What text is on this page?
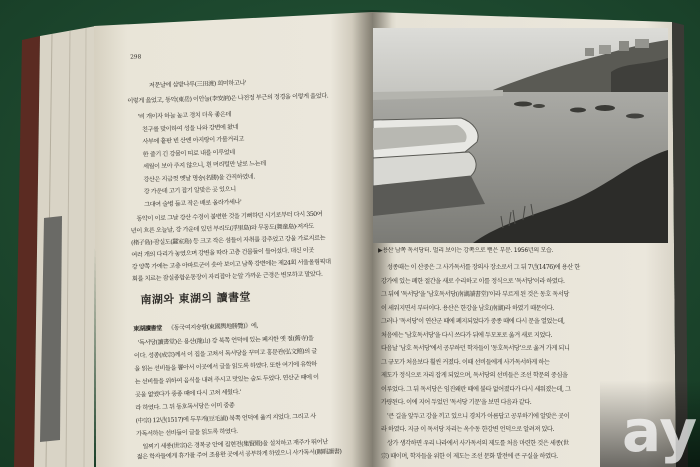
298
저문날에 삼밭나루(三田渡) 희미하고나'
이렇게 읊었고, 동악(東岳) 이안눌(李安訥)은 나전정 부근의 정경을 이렇게 읊었다.
'비 개이자 하늘 높고 경치 더욱 좋은데
친구를 맞이하여 성을 나와 강변에 왔네
사부에 흩판 빈 산엔 아지랑이 가물거리고
한 줄기 긴 강물이 띠로 내를 이루었네
세월이 보아 주지 않으니, 흰 머리털만 날로 느는데
강산은 지금껏 옛날 명승(名勝)을 간직하였네.
강 가운데 고기 잡기 알맞은 곳 있으니
그대여 술병 들고 작은 배로 올라가세나'
동악이 이로 그날 강산 수경이 불변한 것을 기뻐하던 시기로부터 다시 350여
년이 흐른 오늘날, 강 가운데 있던 부리도(浮里島)와 무동도(舞童島)·저자도
(楮子島)·잠실도(蠶室島) 등 크고 작은 섬들이 자취를 감추었고 강을 가로지르는
여러 개의 다리가 놓였으며 강변을 따라 고층 건물들이 들어섰다. 대신 이곳
강 양쪽 가에는 고층 아파트군이 솟아 보이고 남쪽 강변에는 제24회 서울올림픽대
회를 치르는 잠실종합운동장이 자리잡아 눈앞 가까운 근경은 변모하고 말았다.
南湖와 東湖의 讀書堂
東湖讀書堂 《동국여지승람(東國輿地勝覽)》에,
'독서당(讀書堂)은 용산(龍山) 강 북쪽 언덕에 있는 폐지한 옛 절(舊寺)을
이다. 성종(成宗)께서 이 집을 고쳐서 독서당을 꾸미고 홍문관(弘文館)의 글
을 읽는 선비들을 뽑아서 이곳에서 글을 읽도록 하였다. 또한 여기에 유학하
는 선비들을 위하여 음식을 내려 주시고 맛있는 술도 두었다. 연산군 때에 이
곳을 없앴다가 중종 때에 다시 고쳐 세웠다.'
라 하였다. 그 뒤 동호독서당은 이미 중종
(中宗) 12년(1517)에 두무개(豆毛浦) 북쪽 언덕에 옮겨 지었다. 그리고 사
가독서하는 선비들이 글을 읽도록 하였다.
일찌기 세종(世宗)은 경복궁 안에 집현전(集賢殿)을 설치하고 재주가 뛰어난
젊은 학자들에게 휴가를 주어 조용한 곳에서 공부하게 하였으니 사가독서(賜暇讀書)
▶용산 남쪽 독서당터. 멀리 보이는 강쪽으로 뻗은 부분. 1956년의 모습.
성종때는 이 산중은 그 사가독서를 장의사 장소로서 그 뒤 7년(1476)에 용산 한
강가에 있는 폐한 절간을 새로 수리하고 이를 정식으로 '독서당'이라 하였다.
그 뒤에 '독서당'을 '남호독서당(南湖讀書堂)'이라 부르게 된 것은 동호 독서당
이 세워지면서 부터이다. 용산은 한강을 남호(南湖)라 하였기 때문이다.
그러나 '독서당'이 연산군 때에 폐지되었다가 중종 때에 다시 문을 열었는데,
처음에는 '남호독서당'을 다시 쓰다가 뒤에 두모포로 옮겨 새로 지었다.
다음날 '남호 독서당'에서 공부하던 학자들이 '동호독서당'으로 옮겨 가게 되니
그 규모가 처음보다 훨씬 커졌다. 이때 선비들에게 사가독서하게 하는
제도가 정식으로 자리 잡게 되었으며, 독서당의 선비들은 조선 학문의 중심을
이루었다. 그 뒤 독서당은 임진왜란 때에 불타 없어졌다가 다시 세워졌는데, 그
가량된다. 이에 지어 두었던 '독서당 기문'을 보면 다음과 같다.
'큰 길을 앞두고 강을 끼고 있으니 경치가 아름답고 공부하기에 알맞은 곳이
라 하였다. 지금 이 독서당 자리는 옥수동 한강변 언덕으로 알려져 있다.
상가 생각하면 우리 나라에서 사가독서의 제도를 처음 마련한 것은 세종(世
宗) 때이며, 학자들을 위한 이 제도는 조선 문화 발전에 큰 구실을 하였다. ay
